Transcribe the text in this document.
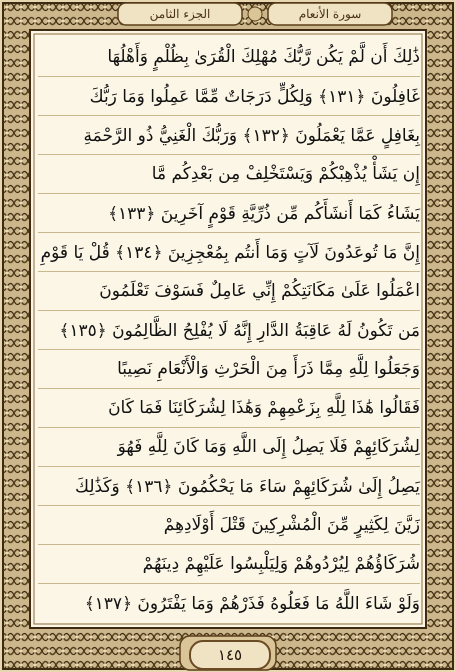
الجزء الثامن	سورة الأنعام
ذَٰلِكَ أَن لَّمْ يَكُن رَّبُّكَ مُهْلِكَ الْقُرَىٰ بِظُلْمٍ وَأَهْلُهَا
غَافِلُونَ ﴿١٣١﴾ وَلِكُلٍّ دَرَجَاتٌ مِّمَّا عَمِلُوا وَمَا رَبُّكَ
بِغَافِلٍ عَمَّا يَعْمَلُونَ ﴿١٣٢﴾ وَرَبُّكَ الْغَنِيُّ ذُو الرَّحْمَةِ
إِن يَشَأْ يُذْهِبْكُمْ وَيَسْتَخْلِفْ مِن بَعْدِكُم مَّا
يَشَاءُ كَمَا أَنشَأَكُم مِّن ذُرِّيَّةِ قَوْمٍ آخَرِينَ ﴿١٣٣﴾
إِنَّ مَا تُوعَدُونَ لَآتٍ وَمَا أَنتُم بِمُعْجِزِينَ ﴿١٣٤﴾ قُلْ يَا قَوْمِ
اعْمَلُوا عَلَىٰ مَكَانَتِكُمْ إِنِّي عَامِلٌ فَسَوْفَ تَعْلَمُونَ
مَن تَكُونُ لَهُ عَاقِبَةُ الدَّارِ إِنَّهُ لَا يُفْلِحُ الظَّالِمُونَ ﴿١٣٥﴾
وَجَعَلُوا لِلَّهِ مِمَّا ذَرَأَ مِنَ الْحَرْثِ وَالْأَنْعَامِ نَصِيبًا
فَقَالُوا هَٰذَا لِلَّهِ بِزَعْمِهِمْ وَهَٰذَا لِشُرَكَائِنَا فَمَا كَانَ
لِشُرَكَائِهِمْ فَلَا يَصِلُ إِلَى اللَّهِ وَمَا كَانَ لِلَّهِ فَهُوَ
يَصِلُ إِلَىٰ شُرَكَائِهِمْ سَاءَ مَا يَحْكُمُونَ ﴿١٣٦﴾ وَكَذَٰلِكَ
زَيَّنَ لِكَثِيرٍ مِّنَ الْمُشْرِكِينَ قَتْلَ أَوْلَادِهِمْ
شُرَكَاؤُهُمْ لِيُرْدُوهُمْ وَلِيَلْبِسُوا عَلَيْهِمْ دِينَهُمْ
وَلَوْ شَاءَ اللَّهُ مَا فَعَلُوهُ فَذَرْهُمْ وَمَا يَفْتَرُونَ ﴿١٣٧﴾
١٤٥
